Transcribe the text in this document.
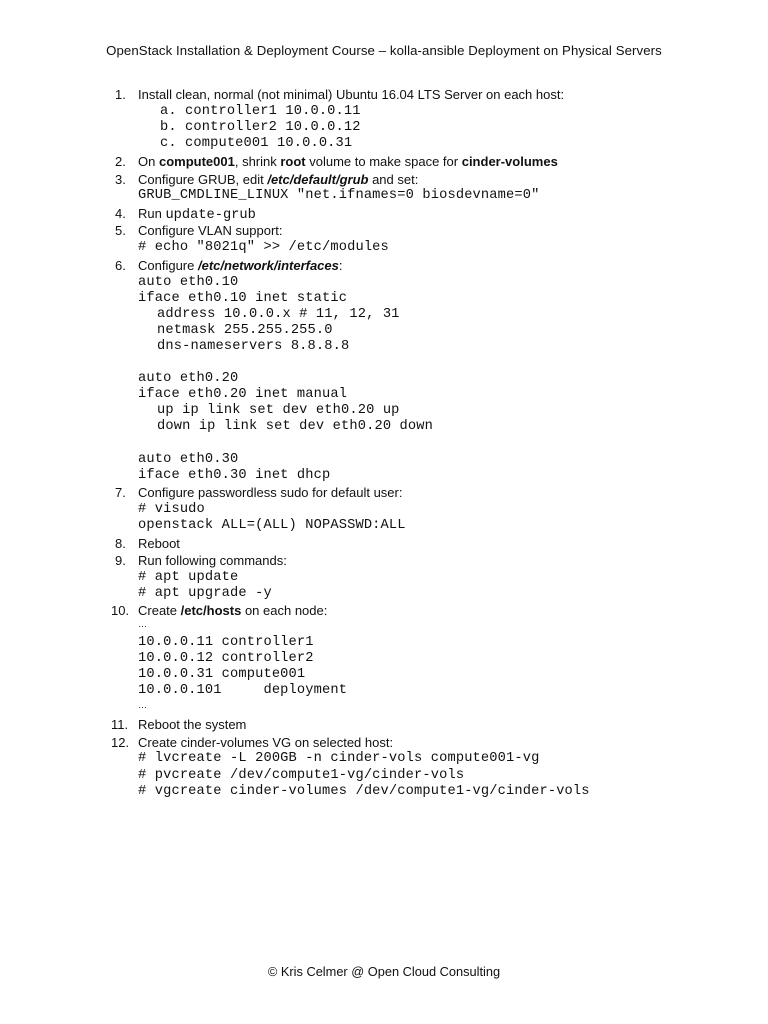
OpenStack Installation & Deployment Course – kolla-ansible Deployment on Physical Servers
1. Install clean, normal (not minimal) Ubuntu 16.04 LTS Server on each host:
a. controller1 10.0.0.11
b. controller2 10.0.0.12
c. compute001 10.0.0.31
2. On compute001, shrink root volume to make space for cinder-volumes
3. Configure GRUB, edit /etc/default/grub and set:
GRUB_CMDLINE_LINUX "net.ifnames=0 biosdevname=0"
4. Run update-grub
5. Configure VLAN support:
# echo "8021q" >> /etc/modules
6. Configure /etc/network/interfaces:
auto eth0.10
iface eth0.10 inet static
address 10.0.0.x # 11, 12, 31
netmask 255.255.255.0
dns-nameservers 8.8.8.8
auto eth0.20
iface eth0.20 inet manual
up ip link set dev eth0.20 up
down ip link set dev eth0.20 down
auto eth0.30
iface eth0.30 inet dhcp
7. Configure passwordless sudo for default user:
# visudo
openstack ALL=(ALL) NOPASSWD:ALL
8. Reboot
9. Run following commands:
# apt update
# apt upgrade -y
10. Create /etc/hosts on each node:
…
10.0.0.11 controller1
10.0.0.12 controller2
10.0.0.31 compute001
10.0.0.101     deployment
…
11. Reboot the system
12. Create cinder-volumes VG on selected host:
# lvcreate -L 200GB -n cinder-vols compute001-vg
# pvcreate /dev/compute1-vg/cinder-vols
# vgcreate cinder-volumes /dev/compute1-vg/cinder-vols
© Kris Celmer @ Open Cloud Consulting
